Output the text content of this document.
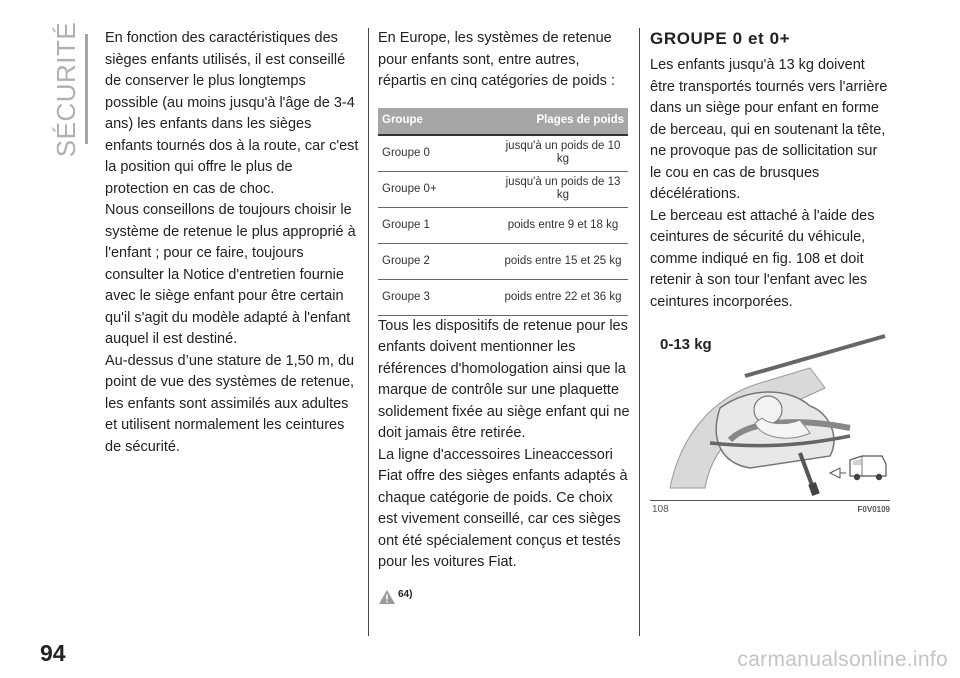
SÉCURITÉ
94

En fonction des caractéristiques des sièges enfants utilisés, il est conseillé de conserver le plus longtemps possible (au moins jusqu'à l'âge de 3-4 ans) les enfants dans les sièges enfants tournés dos à la route, car c'est la position qui offre le plus de protection en cas de choc.

Nous conseillons de toujours choisir le système de retenue le plus approprié à l'enfant ; pour ce faire, toujours consulter la Notice d'entretien fournie avec le siège enfant pour être certain qu'il s'agit du modèle adapté à l'enfant auquel il est destiné.

Au-dessus d’une stature de 1,50 m, du point de vue des systèmes de retenue, les enfants sont assimilés aux adultes et utilisent normalement les ceintures de sécurité.

En Europe, les systèmes de retenue pour enfants sont, entre autres, répartis en cinq catégories de poids :

Groupe	Plages de poids
Groupe 0	jusqu'à un poids de 10 kg
Groupe 0+	jusqu'à un poids de 13 kg
Groupe 1	poids entre 9 et 18 kg
Groupe 2	poids entre 15 et 25 kg
Groupe 3	poids entre 22 et 36 kg

Tous les dispositifs de retenue pour les enfants doivent mentionner les références d'homologation ainsi que la marque de contrôle sur une plaquette solidement fixée au siège enfant qui ne doit jamais être retirée.

La ligne d'accessoires Lineaccessori Fiat offre des sièges enfants adaptés à chaque catégorie de poids. Ce choix est vivement conseillé, car ces sièges ont été spécialement conçus et testés pour les voitures Fiat.

64)

GROUPE 0 et 0+

Les enfants jusqu'à 13 kg doivent être transportés tournés vers l'arrière dans un siège pour enfant en forme de berceau, qui en soutenant la tête, ne provoque pas de sollicitation sur le cou en cas de brusques décélérations.

Le berceau est attaché à l'aide des ceintures de sécurité du véhicule, comme indiqué en fig. 108 et doit retenir à son tour l'enfant avec les ceintures incorporées.

0-13 kg
108	F0V0109
carmanualsonline.info
